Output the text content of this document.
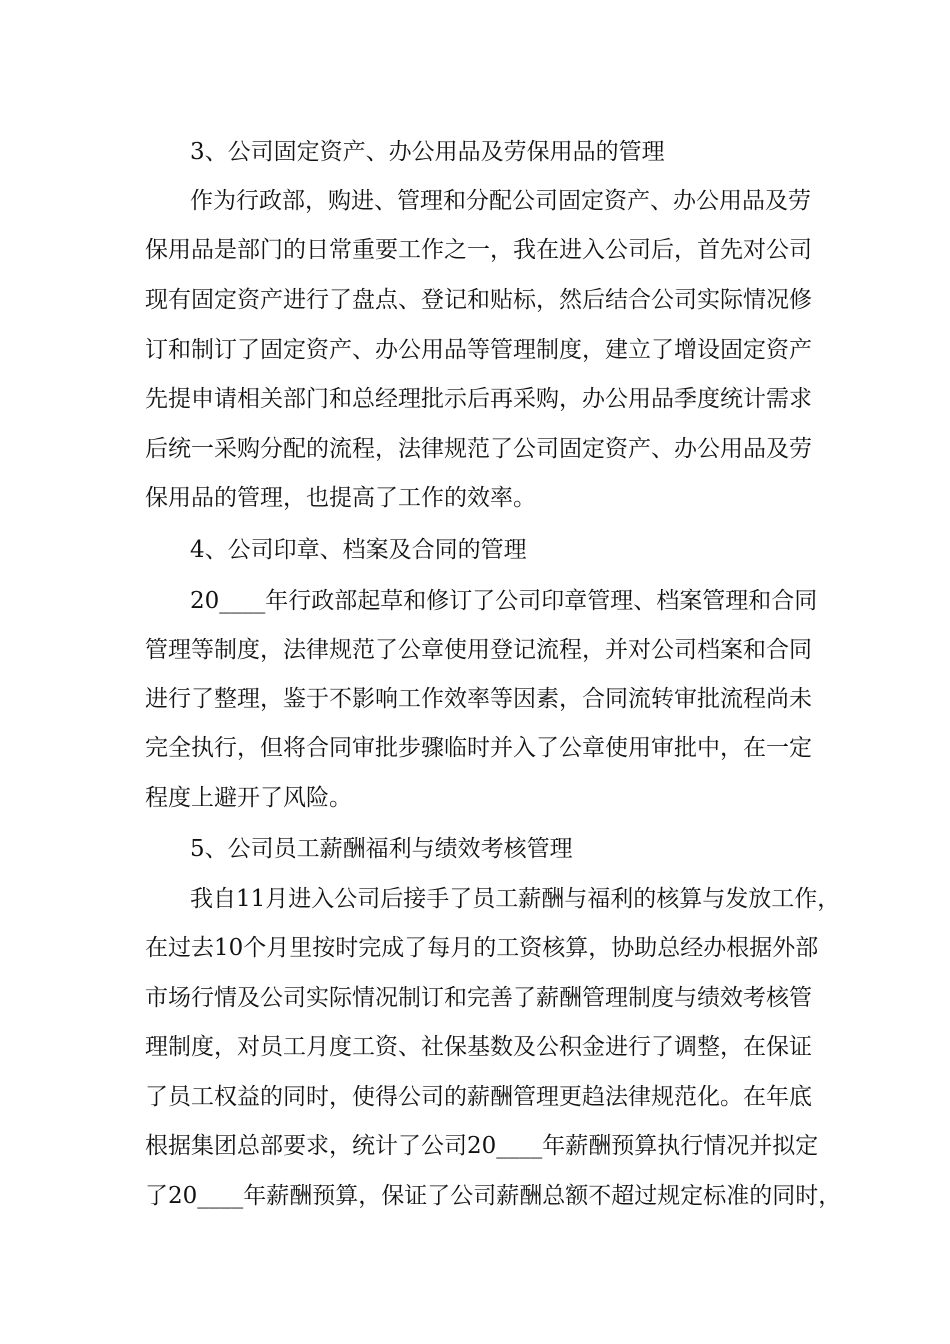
3、公司固定资产、办公用品及劳保用品的管理
作为行政部，购进、管理和分配公司固定资产、办公用品及劳
保用品是部门的日常重要工作之一，我在进入公司后，首先对公司
现有固定资产进行了盘点、登记和贴标，然后结合公司实际情况修
订和制订了固定资产、办公用品等管理制度，建立了增设固定资产
先提申请相关部门和总经理批示后再采购，办公用品季度统计需求
后统一采购分配的流程，法律规范了公司固定资产、办公用品及劳
保用品的管理，也提高了工作的效率。
4、公司印章、档案及合同的管理
20____年行政部起草和修订了公司印章管理、档案管理和合同
管理等制度，法律规范了公章使用登记流程，并对公司档案和合同
进行了整理，鉴于不影响工作效率等因素，合同流转审批流程尚未
完全执行，但将合同审批步骤临时并入了公章使用审批中，在一定
程度上避开了风险。
5、公司员工薪酬福利与绩效考核管理
我自11月进入公司后接手了员工薪酬与福利的核算与发放工作，
在过去10个月里按时完成了每月的工资核算，协助总经办根据外部
市场行情及公司实际情况制订和完善了薪酬管理制度与绩效考核管
理制度，对员工月度工资、社保基数及公积金进行了调整，在保证
了员工权益的同时，使得公司的薪酬管理更趋法律规范化。在年底
根据集团总部要求，统计了公司20____年薪酬预算执行情况并拟定
了20____年薪酬预算，保证了公司薪酬总额不超过规定标准的同时，
